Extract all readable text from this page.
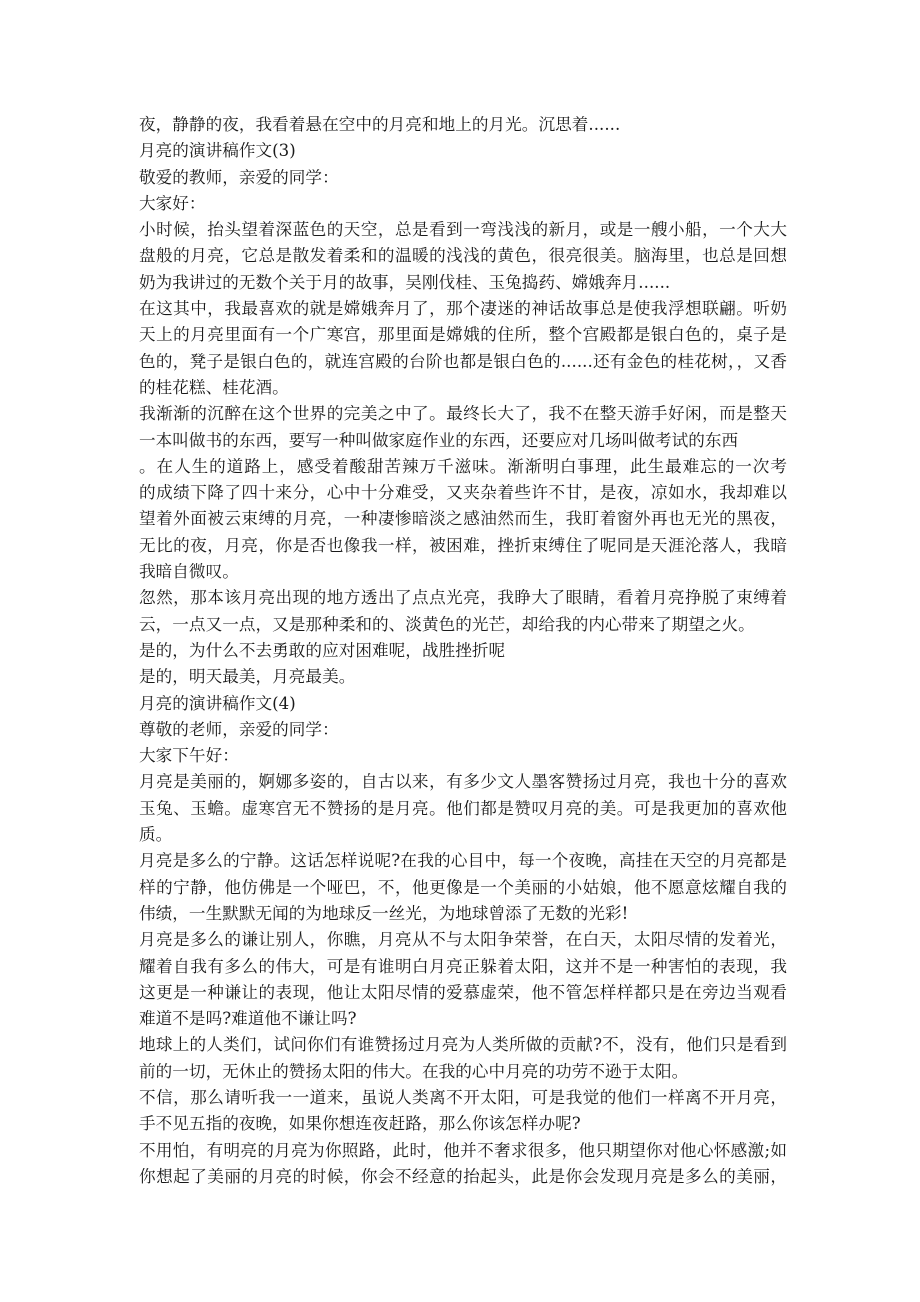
夜，静静的夜，我看着悬在空中的月亮和地上的月光。沉思着......
月亮的演讲稿作文(3)
敬爱的教师，亲爱的同学：
大家好：
小时候，抬头望着深蓝色的天空，总是看到一弯浅浅的新月，或是一艘小船，一个大大
盘般的月亮，它总是散发着柔和的温暖的浅浅的黄色，很亮很美。脑海里，也总是回想
奶为我讲过的无数个关于月的故事，吴刚伐桂、玉兔捣药、嫦娥奔月......
在这其中，我最喜欢的就是嫦娥奔月了，那个凄迷的神话故事总是使我浮想联翩。听奶
天上的月亮里面有一个广寒宫，那里面是嫦娥的住所，整个宫殿都是银白色的，桌子是
色的，凳子是银白色的，就连宫殿的台阶也都是银白色的......还有金色的桂花树，，又香
的桂花糕、桂花酒。
我渐渐的沉醉在这个世界的完美之中了。最终长大了，我不在整天游手好闲，而是整天
一本叫做书的东西，要写一种叫做家庭作业的东西，还要应对几场叫做考试的东西
。在人生的道路上，感受着酸甜苦辣万千滋味。渐渐明白事理，此生最难忘的一次考
的成绩下降了四十来分，心中十分难受，又夹杂着些许不甘，是夜，凉如水，我却难以
望着外面被云束缚的月亮，一种凄惨暗淡之感油然而生，我盯着窗外再也无光的黑夜，
无比的夜，月亮，你是否也像我一样，被困难，挫折束缚住了呢同是天涯沦落人，我暗
我暗自微叹。
忽然，那本该月亮出现的地方透出了点点光亮，我睁大了眼睛，看着月亮挣脱了束缚着
云，一点又一点，又是那种柔和的、淡黄色的光芒，却给我的内心带来了期望之火。
是的，为什么不去勇敢的应对困难呢，战胜挫折呢
是的，明天最美，月亮最美。
月亮的演讲稿作文(4)
尊敬的老师，亲爱的同学：
大家下午好：
月亮是美丽的，婀娜多姿的，自古以来，有多少文人墨客赞扬过月亮，我也十分的喜欢
玉兔、玉蟾。虚寒宫无不赞扬的是月亮。他们都是赞叹月亮的美。可是我更加的喜欢他
质。
月亮是多么的宁静。这话怎样说呢?在我的心目中，每一个夜晚，高挂在天空的月亮都是
样的宁静，他仿佛是一个哑巴，不，他更像是一个美丽的小姑娘，他不愿意炫耀自我的
伟绩，一生默默无闻的为地球反一丝光，为地球曾添了无数的光彩!
月亮是多么的谦让别人，你瞧，月亮从不与太阳争荣誉，在白天，太阳尽情的发着光，
耀着自我有多么的伟大，可是有谁明白月亮正躲着太阳，这并不是一种害怕的表现，我
这更是一种谦让的表现，他让太阳尽情的爱慕虚荣，他不管怎样样都只是在旁边当观看
难道不是吗?难道他不谦让吗?
地球上的人类们，试问你们有谁赞扬过月亮为人类所做的贡献?不，没有，他们只是看到
前的一切，无休止的赞扬太阳的伟大。在我的心中月亮的功劳不逊于太阳。
不信，那么请听我一一道来，虽说人类离不开太阳，可是我觉的他们一样离不开月亮，
手不见五指的夜晚，如果你想连夜赶路，那么你该怎样办呢?
不用怕，有明亮的月亮为你照路，此时，他并不奢求很多，他只期望你对他心怀感激;如
你想起了美丽的月亮的时候，你会不经意的抬起头，此是你会发现月亮是多么的美丽，
